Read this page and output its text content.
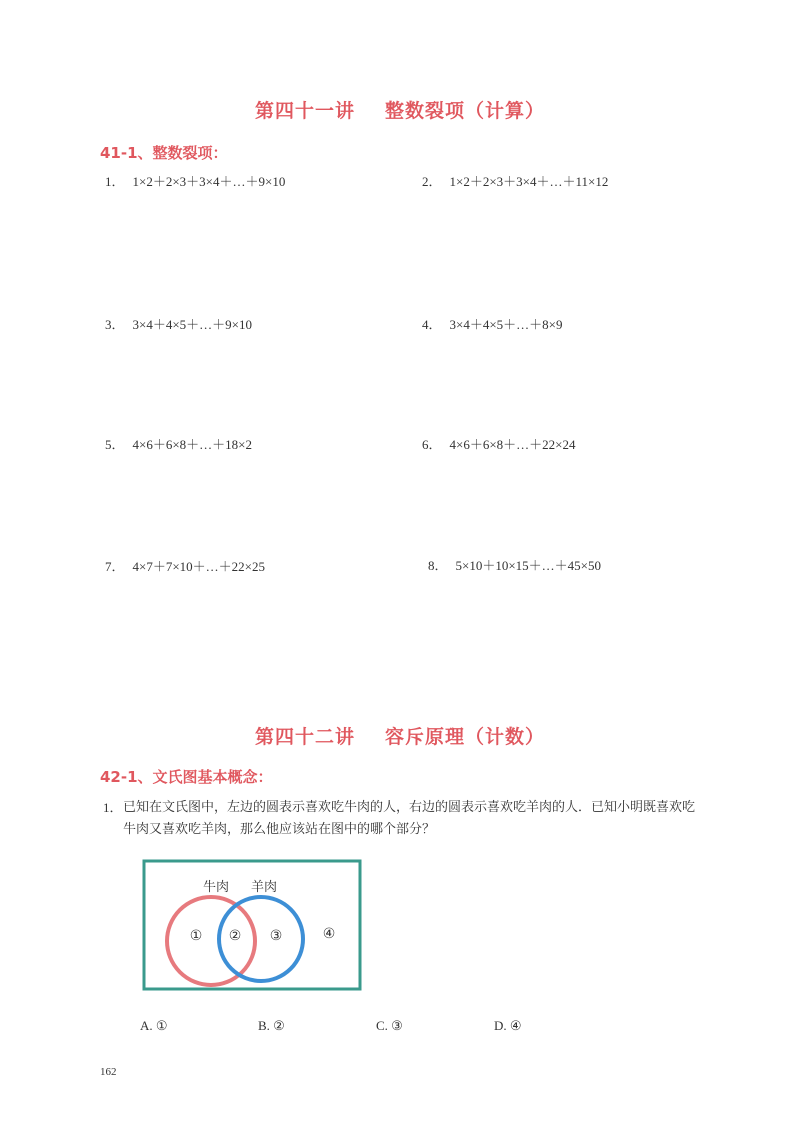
第四十一讲 整数裂项（计算）
41-1、整数裂项：
1． 1×2＋2×3＋3×4＋…＋9×10	2． 1×2＋2×3＋3×4＋…＋11×12
3． 3×4＋4×5＋…＋9×10	4． 3×4＋4×5＋…＋8×9
5． 4×6＋6×8＋…＋18×2	6． 4×6＋6×8＋…＋22×24
7． 4×7＋7×10＋…＋22×25	8． 5×10＋10×15＋…＋45×50
第四十二讲 容斥原理（计数）
42-1、文氏图基本概念：
1． 已知在文氏图中，左边的圆表示喜欢吃牛肉的人，右边的圆表示喜欢吃羊肉的人．已知小明既喜欢吃牛肉又喜欢吃羊肉，那么他应该站在图中的哪个部分？
牛肉 羊肉
① ② ③	④
A. ①	B. ②	C. ③	D. ④
162
